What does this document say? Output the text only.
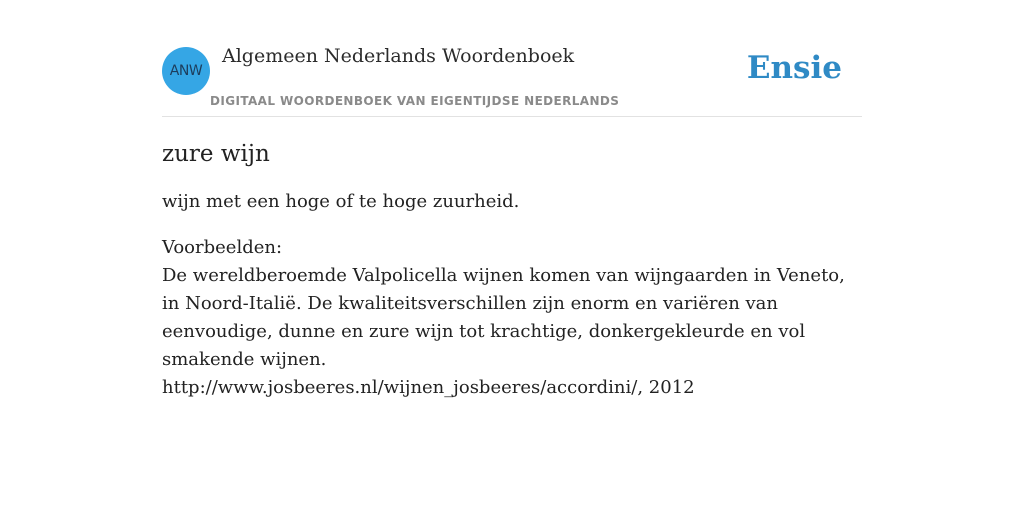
ANW
Algemeen Nederlands Woordenboek
DIGITAAL WOORDENBOEK VAN EIGENTIJDSE NEDERLANDS
Ensie
zure wijn

wijn met een hoge of te hoge zuurheid.

Voorbeelden:
De wereldberoemde Valpolicella wijnen komen van wijngaarden in Veneto, in Noord-Italië. De kwaliteitsverschillen zijn enorm en variëren van eenvoudige, dunne en zure wijn tot krachtige, donkergekleurde en vol smakende wijnen.
http://www.josbeeres.nl/wijnen_josbeeres/accordini/, 2012
